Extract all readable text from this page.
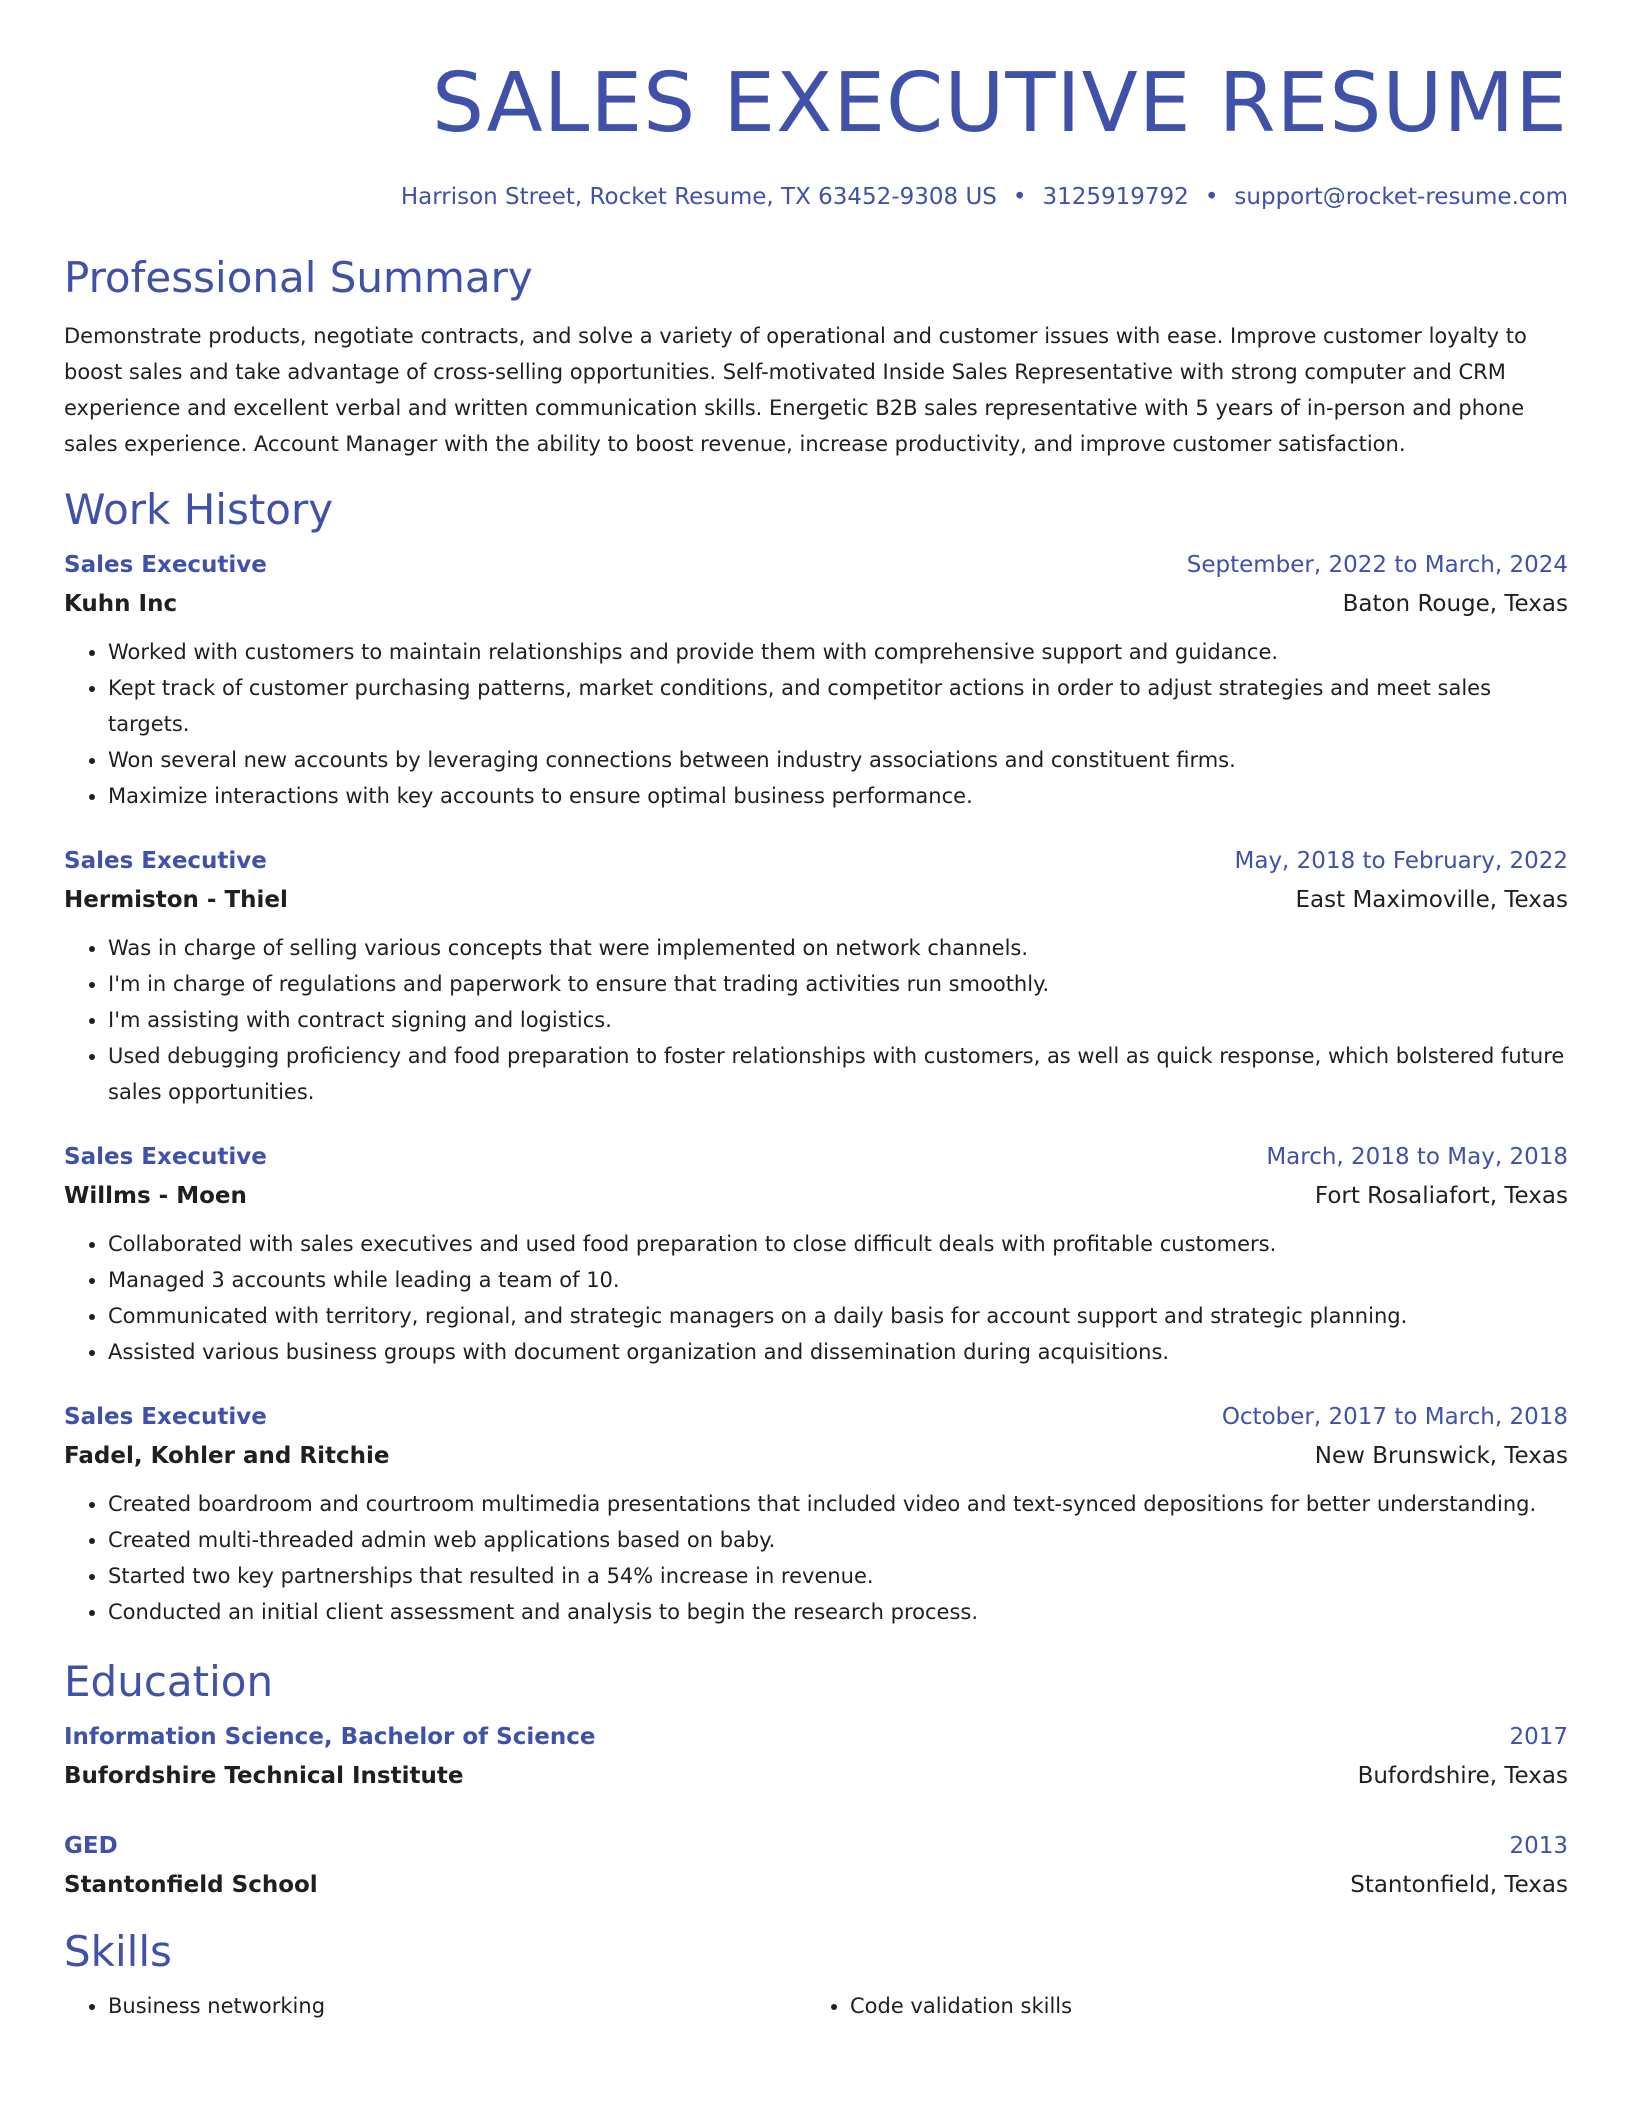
SALES EXECUTIVE RESUME
Harrison Street, Rocket Resume, TX 63452-9308 US • 3125919792 • support@rocket-resume.com
Professional Summary
Demonstrate products, negotiate contracts, and solve a variety of operational and customer issues with ease. Improve customer loyalty to boost sales and take advantage of cross-selling opportunities. Self-motivated Inside Sales Representative with strong computer and CRM experience and excellent verbal and written communication skills. Energetic B2B sales representative with 5 years of in-person and phone sales experience. Account Manager with the ability to boost revenue, increase productivity, and improve customer satisfaction.
Work History
Sales Executive	September, 2022 to March, 2024
Kuhn Inc	Baton Rouge, Texas
• Worked with customers to maintain relationships and provide them with comprehensive support and guidance.
• Kept track of customer purchasing patterns, market conditions, and competitor actions in order to adjust strategies and meet sales targets.
• Won several new accounts by leveraging connections between industry associations and constituent firms.
• Maximize interactions with key accounts to ensure optimal business performance.
Sales Executive	May, 2018 to February, 2022
Hermiston - Thiel	East Maximoville, Texas
• Was in charge of selling various concepts that were implemented on network channels.
• I'm in charge of regulations and paperwork to ensure that trading activities run smoothly.
• I'm assisting with contract signing and logistics.
• Used debugging proficiency and food preparation to foster relationships with customers, as well as quick response, which bolstered future sales opportunities.
Sales Executive	March, 2018 to May, 2018
Willms - Moen	Fort Rosaliafort, Texas
• Collaborated with sales executives and used food preparation to close difficult deals with profitable customers.
• Managed 3 accounts while leading a team of 10.
• Communicated with territory, regional, and strategic managers on a daily basis for account support and strategic planning.
• Assisted various business groups with document organization and dissemination during acquisitions.
Sales Executive	October, 2017 to March, 2018
Fadel, Kohler and Ritchie	New Brunswick, Texas
• Created boardroom and courtroom multimedia presentations that included video and text-synced depositions for better understanding.
• Created multi-threaded admin web applications based on baby.
• Started two key partnerships that resulted in a 54% increase in revenue.
• Conducted an initial client assessment and analysis to begin the research process.
Education
Information Science, Bachelor of Science	2017
Bufordshire Technical Institute	Bufordshire, Texas
GED	2013
Stantonfield School	Stantonfield, Texas
Skills
• Business networking
•	Code validation skills
